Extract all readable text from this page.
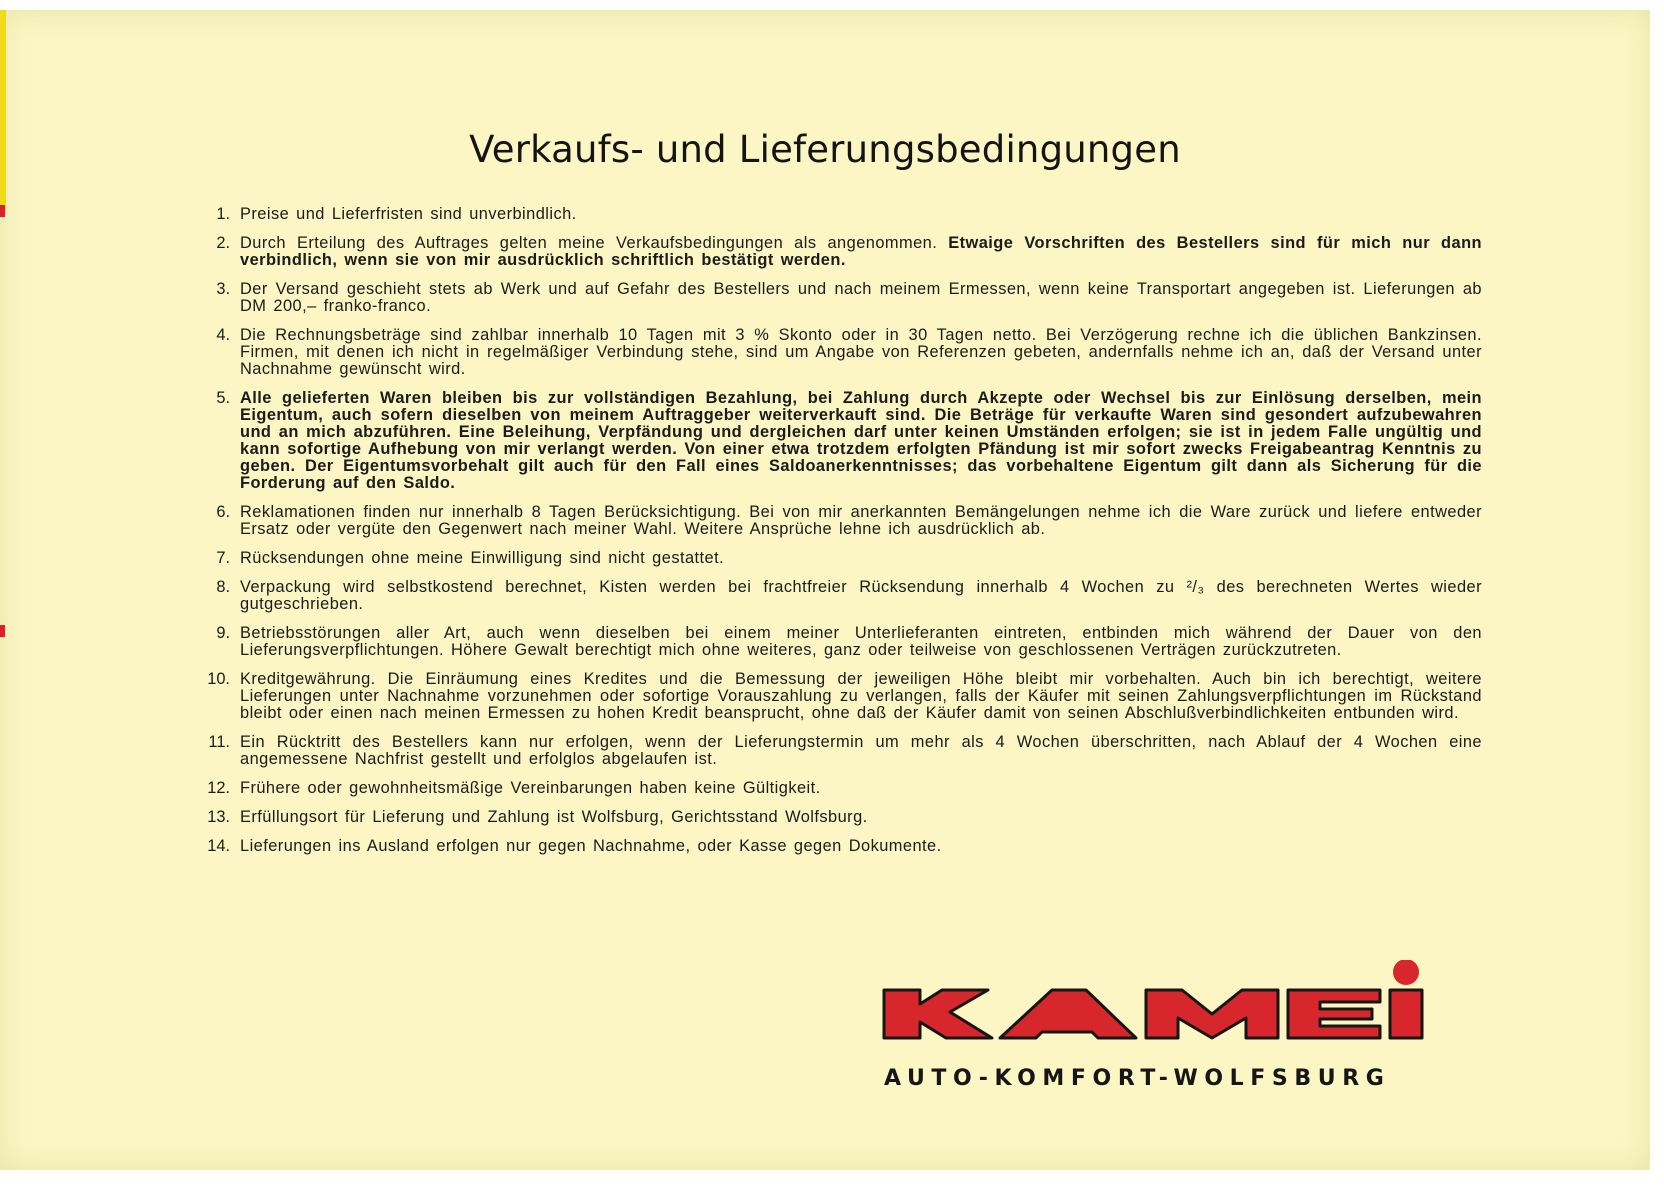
Verkaufs- und Lieferungsbedingungen
1. Preise und Lieferfristen sind unverbindlich.
2. Durch Erteilung des Auftrages gelten meine Verkaufsbedingungen als angenommen. Etwaige Vorschriften des Bestellers sind für mich nur dann verbindlich, wenn sie von mir ausdrücklich schriftlich bestätigt werden.
3. Der Versand geschieht stets ab Werk und auf Gefahr des Bestellers und nach meinem Ermessen, wenn keine Transportart angegeben ist. Lieferungen ab DM 200,– franko-franco.
4. Die Rechnungsbeträge sind zahlbar innerhalb 10 Tagen mit 3 % Skonto oder in 30 Tagen netto. Bei Verzögerung rechne ich die üblichen Bankzinsen. Firmen, mit denen ich nicht in regelmäßiger Verbindung stehe, sind um Angabe von Referenzen gebeten, andernfalls nehme ich an, daß der Versand unter Nachnahme gewünscht wird.
5. Alle gelieferten Waren bleiben bis zur vollständigen Bezahlung, bei Zahlung durch Akzepte oder Wechsel bis zur Einlösung derselben, mein Eigentum, auch sofern dieselben von meinem Auftraggeber weiterverkauft sind. Die Beträge für verkaufte Waren sind gesondert aufzubewahren und an mich abzuführen. Eine Beleihung, Verpfändung und dergleichen darf unter keinen Umständen erfolgen; sie ist in jedem Falle ungültig und kann sofortige Aufhebung von mir verlangt werden. Von einer etwa trotzdem erfolgten Pfändung ist mir sofort zwecks Freigabeantrag Kenntnis zu geben. Der Eigentumsvorbehalt gilt auch für den Fall eines Saldoanerkenntnisses; das vorbehaltene Eigentum gilt dann als Sicherung für die Forderung auf den Saldo.
6. Reklamationen finden nur innerhalb 8 Tagen Berücksichtigung. Bei von mir anerkannten Bemängelungen nehme ich die Ware zurück und liefere entweder Ersatz oder vergüte den Gegenwert nach meiner Wahl. Weitere Ansprüche lehne ich ausdrücklich ab.
7. Rücksendungen ohne meine Einwilligung sind nicht gestattet.
8. Verpackung wird selbstkostend berechnet, Kisten werden bei frachtfreier Rücksendung innerhalb 4 Wochen zu ²/₃ des berechneten Wertes wieder gutgeschrieben.
9. Betriebsstörungen aller Art, auch wenn dieselben bei einem meiner Unterlieferanten eintreten, entbinden mich während der Dauer von den Lieferungsverpflichtungen. Höhere Gewalt berechtigt mich ohne weiteres, ganz oder teilweise von geschlossenen Verträgen zurückzutreten.
10. Kreditgewährung. Die Einräumung eines Kredites und die Bemessung der jeweiligen Höhe bleibt mir vorbehalten. Auch bin ich berechtigt, weitere Lieferungen unter Nachnahme vorzunehmen oder sofortige Vorauszahlung zu verlangen, falls der Käufer mit seinen Zahlungsverpflichtungen im Rückstand bleibt oder einen nach meinen Ermessen zu hohen Kredit beansprucht, ohne daß der Käufer damit von seinen Abschlußverbindlichkeiten entbunden wird.
11. Ein Rücktritt des Bestellers kann nur erfolgen, wenn der Lieferungstermin um mehr als 4 Wochen überschritten, nach Ablauf der 4 Wochen eine angemessene Nachfrist gestellt und erfolglos abgelaufen ist.
12. Frühere oder gewohnheitsmäßige Vereinbarungen haben keine Gültigkeit.
13. Erfüllungsort für Lieferung und Zahlung ist Wolfsburg, Gerichtsstand Wolfsburg.
14. Lieferungen ins Ausland erfolgen nur gegen Nachnahme, oder Kasse gegen Dokumente.
AUTO-KOMFORT-WOLFSBURG
